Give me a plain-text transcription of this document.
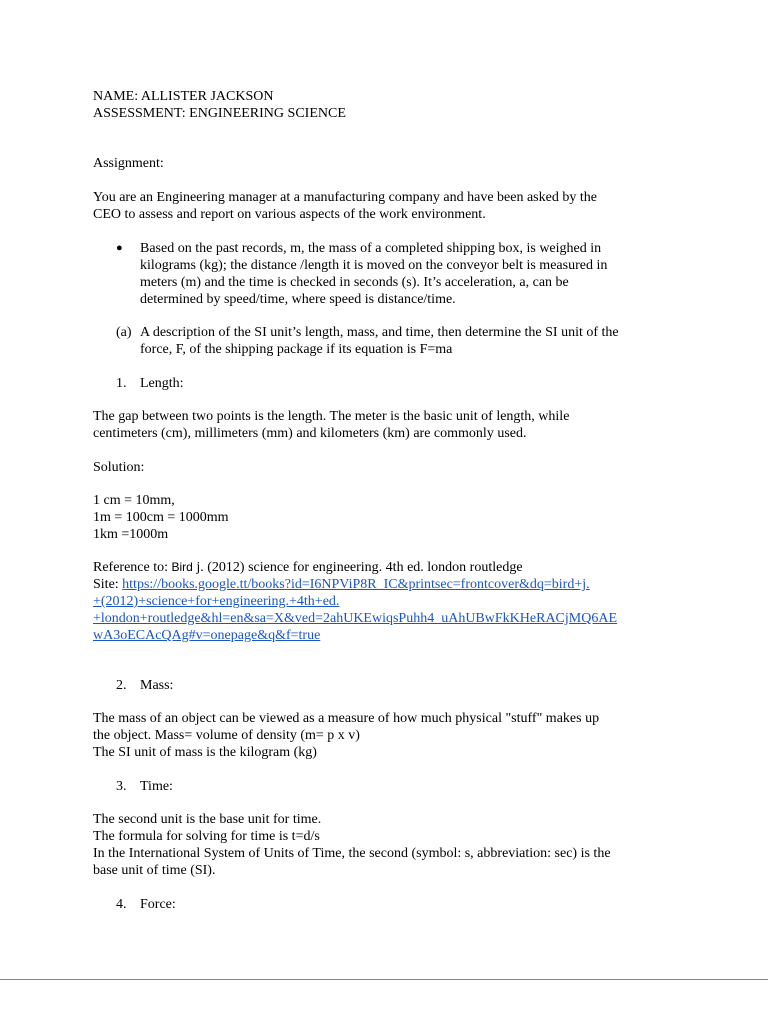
NAME: ALLISTER JACKSON
ASSESSMENT: ENGINEERING SCIENCE
Assignment:
You are an Engineering manager at a manufacturing company and have been asked by the
CEO to assess and report on various aspects of the work environment.
● Based on the past records, m, the mass of a completed shipping box, is weighed in
kilograms (kg); the distance /length it is moved on the conveyor belt is measured in
meters (m) and the time is checked in seconds (s). It’s acceleration, a, can be
determined by speed/time, where speed is distance/time.
(a) A description of the SI unit’s length, mass, and time, then determine the SI unit of the
force, F, of the shipping package if its equation is F=ma
1. Length:
The gap between two points is the length. The meter is the basic unit of length, while
centimeters (cm), millimeters (mm) and kilometers (km) are commonly used.
Solution:
1 cm = 10mm,
1m = 100cm = 1000mm
1km =1000m
Reference to: Bird j. (2012) science for engineering. 4th ed. london routledge
Site: https://books.google.tt/books?id=I6NPViP8R_IC&printsec=frontcover&dq=bird+j.
+(2012)+science+for+engineering.+4th+ed.
+london+routledge&hl=en&sa=X&ved=2ahUKEwiqsPuhh4_uAhUBwFkKHeRACjMQ6AE
wA3oECAcQAg#v=onepage&q&f=true
2. Mass:
The mass of an object can be viewed as a measure of how much physical "stuff" makes up
the object. Mass= volume of density (m= p x v)
The SI unit of mass is the kilogram (kg)
3. Time:
The second unit is the base unit for time.
The formula for solving for time is t=d/s
In the International System of Units of Time, the second (symbol: s, abbreviation: sec) is the
base unit of time (SI).
4. Force:
